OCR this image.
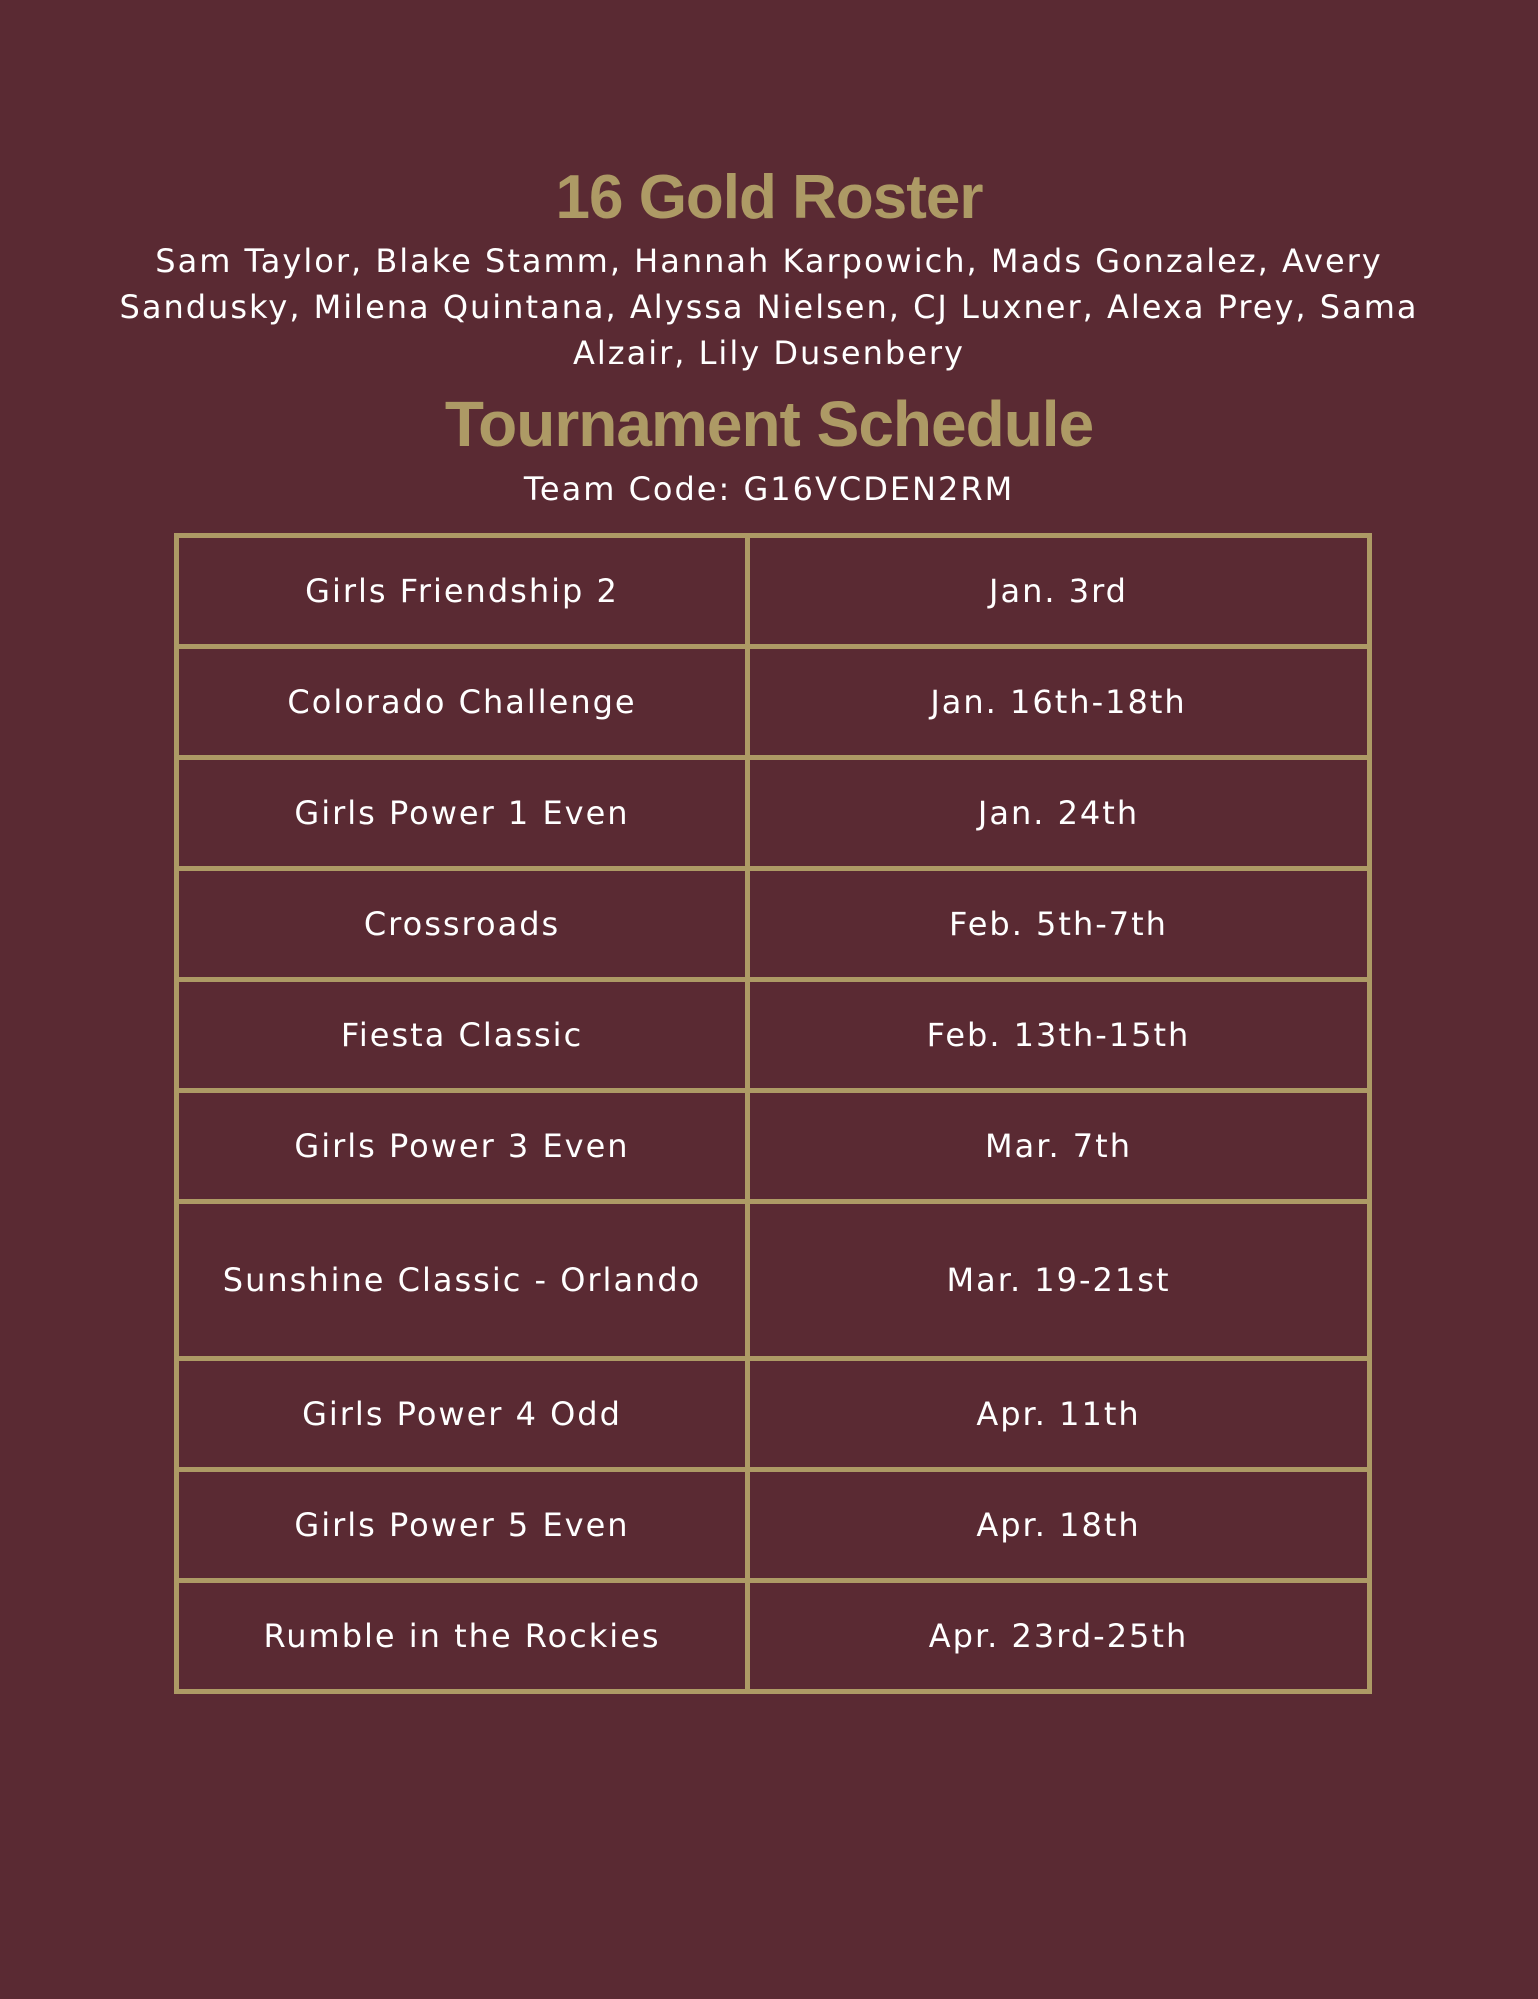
16 Gold Roster
Sam Taylor, Blake Stamm, Hannah Karpowich, Mads Gonzalez, Avery Sandusky, Milena Quintana, Alyssa Nielsen, CJ Luxner, Alexa Prey, Sama Alzair, Lily Dusenbery
Tournament Schedule
Team Code: G16VCDEN2RM
Girls Friendship 2	Jan. 3rd
Colorado Challenge	Jan. 16th-18th
Girls Power 1 Even	Jan. 24th
Crossroads	Feb. 5th-7th
Fiesta Classic	Feb. 13th-15th
Girls Power 3 Even	Mar. 7th
Sunshine Classic - Orlando	Mar. 19-21st
Girls Power 4 Odd	Apr. 11th
Girls Power 5 Even	Apr. 18th
Rumble in the Rockies	Apr. 23rd-25th
